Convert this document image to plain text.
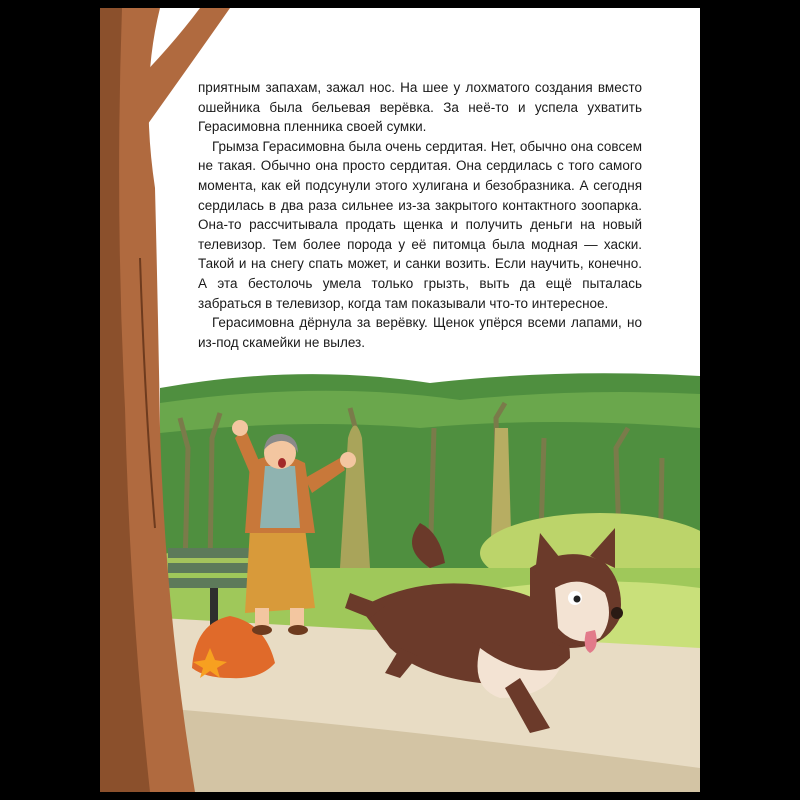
приятным запахам, зажал нос. На шее у лохматого создания вместо ошейника была бельевая верёвка. За неё-то и успела ухватить Герасимовна пленника своей сумки.

Грымза Герасимовна была очень сердитая. Нет, обычно она совсем не такая. Обычно она просто сердитая. Она сердилась с того самого момента, как ей подсунули этого хулигана и безобразника. А сегодня сердилась в два раза сильнее из-за закрытого контактного зоопарка. Она-то рассчитывала продать щенка и получить деньги на новый телевизор. Тем более порода у её питомца была модная — хаски. Такой и на снегу спать может, и санки возить. Если научить, конечно. А эта бестолочь умела только грызть, выть да ещё пыталась забраться в телевизор, когда там показывали что-то интересное.

Герасимовна дёрнула за верёвку. Щенок упёрся всеми лапами, но из-под скамейки не вылез.
